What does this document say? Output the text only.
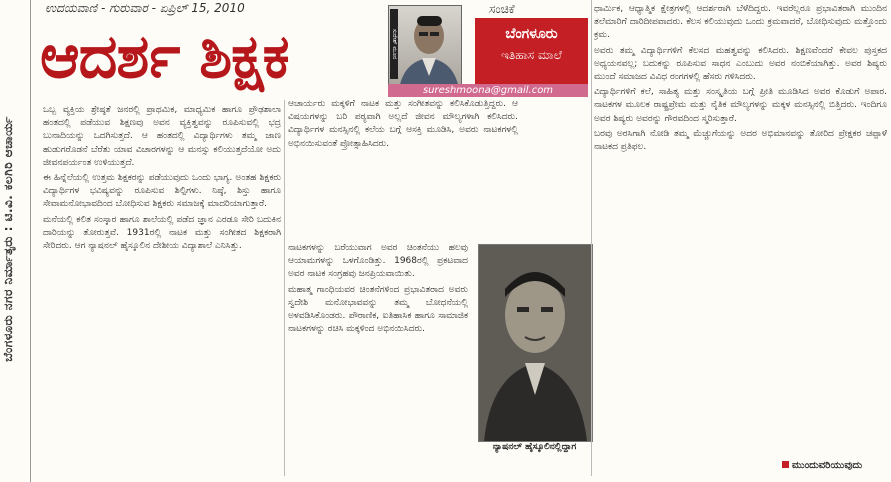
ಬೆಂಗಳೂರು ನಗರ ನಿರ್ಮಾತೃರು : ಟಿ.ವಿ. ಕಲಗಿರಿ ಆಚಾರ್ಯ
ಉದಯವಾಣಿ - ಗುರುವಾರ - ಏಪ್ರಿಲ್ 15, 2010
ಆದರ್ಶ ಶಿಕ್ಷಕ	ಸುರೇಶ್ ಮೂನ
ಸಂಚಿಕೆ
ಬೆಂಗಳೂರು
ಇತಿಹಾಸ ಮಾಲೆ
sureshmoona@gmail.com

ಒಬ್ಬ ವ್ಯಕ್ತಿಯ ಶ್ರೇಷ್ಠತೆ ಜನರಲ್ಲಿ ಪ್ರಾಥಮಿಕ, ಮಾಧ್ಯಮಿಕ ಹಾಗೂ ಪ್ರೌಢಶಾಲಾ ಹಂತದಲ್ಲಿ ಪಡೆಯುವ ಶಿಕ್ಷಣವು ಅವನ ವ್ಯಕ್ತಿತ್ವವನ್ನು ರೂಪಿಸುವಲ್ಲಿ ಭದ್ರ ಬುನಾದಿಯನ್ನು ಒದಗಿಸುತ್ತದೆ. ಆ ಹಂತದಲ್ಲಿ ವಿದ್ಯಾರ್ಥಿಗಳು ತಮ್ಮ ಜಾಣ ಹುಡುಗರೊಡನೆ ಬೆರೆತು ಯಾವ ವಿಚಾರಗಳನ್ನು ಆ ಮನಸ್ಸು ಕಲಿಯುತ್ತದೆಯೋ ಅದು ಜೀವನಪರ್ಯಂತ ಉಳಿಯುತ್ತದೆ.

ಈ ಹಿನ್ನೆಲೆಯಲ್ಲಿ ಉತ್ತಮ ಶಿಕ್ಷಕರನ್ನು ಪಡೆಯುವುದು ಒಂದು ಭಾಗ್ಯ. ಅಂತಹ ಶಿಕ್ಷಕರು ವಿದ್ಯಾರ್ಥಿಗಳ ಭವಿಷ್ಯವನ್ನು ರೂಪಿಸುವ ಶಿಲ್ಪಿಗಳು. ನಿಷ್ಠೆ, ಶಿಸ್ತು ಹಾಗೂ ಸೇವಾಮನೋಭಾವದಿಂದ ಬೋಧಿಸುವ ಶಿಕ್ಷಕರು ಸಮಾಜಕ್ಕೆ ಮಾದರಿಯಾಗುತ್ತಾರೆ.

ಮನೆಯಲ್ಲಿ ಕಲಿತ ಸಂಸ್ಕಾರ ಹಾಗೂ ಶಾಲೆಯಲ್ಲಿ ಪಡೆದ ಜ್ಞಾನ ಎರಡೂ ಸೇರಿ ಬದುಕಿನ ದಾರಿಯನ್ನು ತೋರುತ್ತವೆ. 1931ರಲ್ಲಿ ನಾಟಕ ಮತ್ತು ಸಂಗೀತದ ಶಿಕ್ಷಕರಾಗಿ ಸೇರಿದರು. ಆಗ ನ್ಯಾಷನಲ್ ಹೈಸ್ಕೂಲಿನ ದೇಶೀಯ ವಿದ್ಯಾಶಾಲೆ ಎನಿಸಿತ್ತು.

ಆಚಾರ್ಯರು ಮಕ್ಕಳಿಗೆ ನಾಟಕ ಮತ್ತು ಸಂಗೀತವನ್ನು ಕಲಿಸಿಕೊಡುತ್ತಿದ್ದರು. ಆ ವಿಷಯಗಳನ್ನು ಬರಿ ಪಠ್ಯವಾಗಿ ಅಲ್ಲದೆ ಜೀವನ ಮೌಲ್ಯಗಳಾಗಿ ಕಲಿಸಿದರು. ವಿದ್ಯಾರ್ಥಿಗಳ ಮನಸ್ಸಿನಲ್ಲಿ ಕಲೆಯ ಬಗ್ಗೆ ಆಸಕ್ತಿ ಮೂಡಿಸಿ, ಅವರು ನಾಟಕಗಳಲ್ಲಿ ಅಭಿನಯಿಸುವಂತೆ ಪ್ರೋತ್ಸಾಹಿಸಿದರು.

ನಾಟಕಗಳನ್ನು ಬರೆಯುವಾಗ ಅವರ ಚಿಂತನೆಯು ಹಲವು ಆಯಾಮಗಳನ್ನು ಒಳಗೊಂಡಿತ್ತು. 1968ರಲ್ಲಿ ಪ್ರಕಟವಾದ ಅವರ ನಾಟಕ ಸಂಗ್ರಹವು ಜನಪ್ರಿಯವಾಯಿತು.

ಮಹಾತ್ಮ ಗಾಂಧಿಯವರ ಚಿಂತನೆಗಳಿಂದ ಪ್ರಭಾವಿತರಾದ ಅವರು ಸ್ವದೇಶಿ ಮನೋಭಾವವನ್ನು ತಮ್ಮ ಬೋಧನೆಯಲ್ಲಿ ಅಳವಡಿಸಿಕೊಂಡರು. ಪೌರಾಣಿಕ, ಐತಿಹಾಸಿಕ ಹಾಗೂ ಸಾಮಾಜಿಕ ನಾಟಕಗಳನ್ನು ರಚಿಸಿ ಮಕ್ಕಳಿಂದ ಅಭಿನಯಿಸಿದರು.

ನ್ಯಾಷನಲ್ ಹೈಸ್ಕೂಲಿನಲ್ಲಿದ್ದಾಗ

ಧಾರ್ಮಿಕ, ಆಧ್ಯಾತ್ಮಿಕ ಕ್ಷೇತ್ರಗಳಲ್ಲಿ ಆದರ್ಶರಾಗಿ ಬೆಳೆದಿದ್ದರು. ಇವರೆಲ್ಲರೂ ಪ್ರಭಾವಿತರಾಗಿ ಮುಂದಿನ ತಲೆಮಾರಿಗೆ ದಾರಿದೀಪವಾದರು. ಕೆಲಸ ಕಲಿಯುವುದು ಒಂದು ಕ್ರಮವಾದರೆ, ಬೋಧಿಸುವುದು ಮತ್ತೊಂದು ಕ್ರಮ.

ಅವರು ತಮ್ಮ ವಿದ್ಯಾರ್ಥಿಗಳಿಗೆ ಕೆಲಸದ ಮಹತ್ವವನ್ನು ಕಲಿಸಿದರು. ಶಿಕ್ಷಣವೆಂದರೆ ಕೇವಲ ಪುಸ್ತಕದ ಅಧ್ಯಯನವಲ್ಲ; ಬದುಕನ್ನು ರೂಪಿಸುವ ಸಾಧನ ಎಂಬುದು ಅವರ ನಂಬಿಕೆಯಾಗಿತ್ತು. ಅವರ ಶಿಷ್ಯರು ಮುಂದೆ ಸಮಾಜದ ವಿವಿಧ ರಂಗಗಳಲ್ಲಿ ಹೆಸರು ಗಳಿಸಿದರು.

ವಿದ್ಯಾರ್ಥಿಗಳಿಗೆ ಕಲೆ, ಸಾಹಿತ್ಯ ಮತ್ತು ಸಂಸ್ಕೃತಿಯ ಬಗ್ಗೆ ಪ್ರೀತಿ ಮೂಡಿಸಿದ ಅವರ ಕೊಡುಗೆ ಅಪಾರ. ನಾಟಕಗಳ ಮೂಲಕ ರಾಷ್ಟ್ರಪ್ರೇಮ ಮತ್ತು ನೈತಿಕ ಮೌಲ್ಯಗಳನ್ನು ಮಕ್ಕಳ ಮನಸ್ಸಿನಲ್ಲಿ ಬಿತ್ತಿದರು. ಇಂದಿಗೂ ಅವರ ಶಿಷ್ಯರು ಅವರನ್ನು ಗೌರವದಿಂದ ಸ್ಮರಿಸುತ್ತಾರೆ.

ಬರವು ಅರಸಿಗಾಗಿ ನೋಡಿ ತಮ್ಮ ಮೆಚ್ಚುಗೆಯನ್ನು ಅದರ ಅಭಿಮಾನವನ್ನು ತೋರಿದ ಪ್ರೇಕ್ಷಕರ ಚಪ್ಪಾಳೆ ನಾಟಕದ ಪ್ರತಿಫಲ.

ಮುಂದುವರಿಯುವುದು
